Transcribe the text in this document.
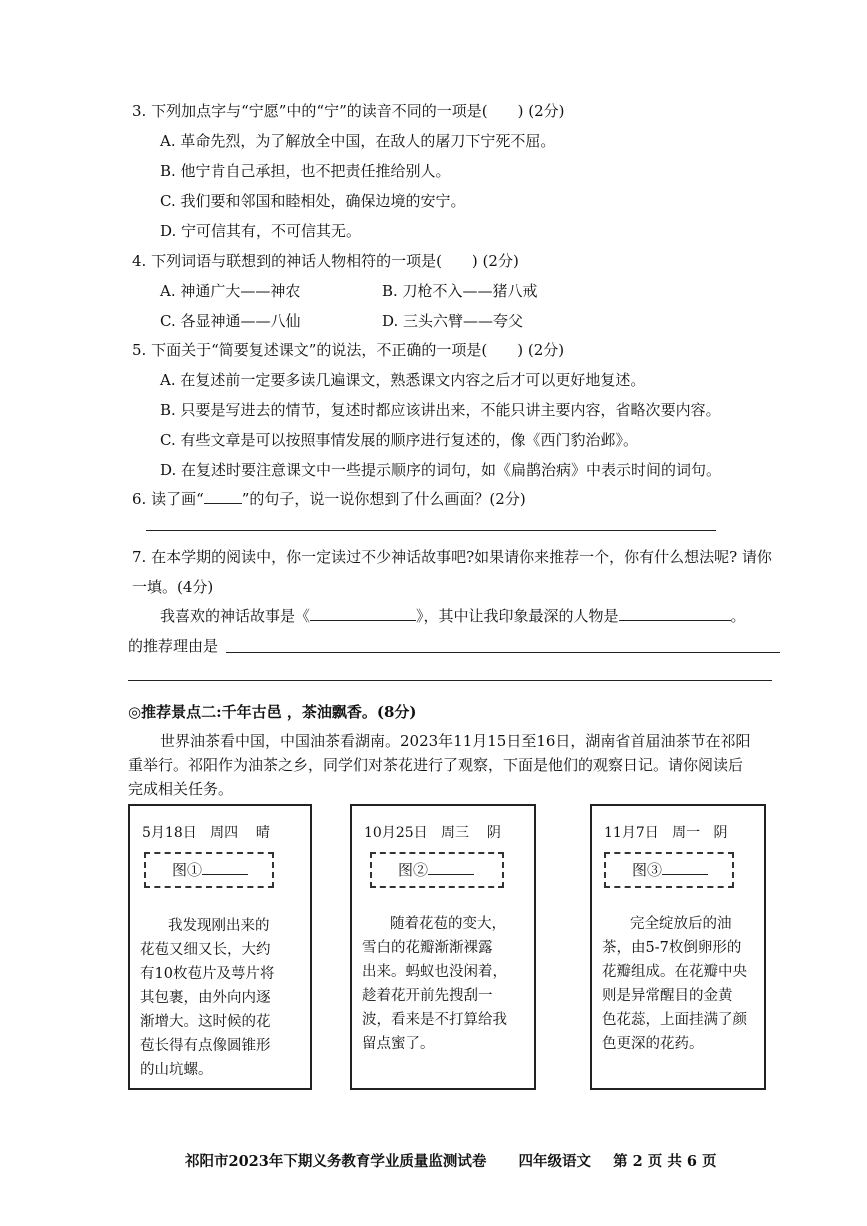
3. 下列加点字与“宁愿”中的“宁”的读音不同的一项是(　　) (2分)
A. 革命先烈，为了解放全中国，在敌人的屠刀下宁死不屈。
B. 他宁肯自己承担，也不把责任推给别人。
C. 我们要和邻国和睦相处，确保边境的安宁。
D. 宁可信其有，不可信其无。
4. 下列词语与联想到的神话人物相符的一项是(　　) (2分)
A. 神通广大——神农	B. 刀枪不入——猪八戒
C. 各显神通——八仙	D. 三头六臂——夸父
5. 下面关于“简要复述课文”的说法，不正确的一项是(　　) (2分)
A. 在复述前一定要多读几遍课文，熟悉课文内容之后才可以更好地复述。
B. 只要是写进去的情节，复述时都应该讲出来，不能只讲主要内容，省略次要内容。
C. 有些文章是可以按照事情发展的顺序进行复述的，像《西门豹治邺》。
D. 在复述时要注意课文中一些提示顺序的词句，如《扁鹊治病》中表示时间的词句。
6. 读了画“	”的句子，说一说你想到了什么画面？(2分)
7. 在本学期的阅读中，你一定读过不少神话故事吧?如果请你来推荐一个，你有什么想法呢? 请你
一填。(4分)
我喜欢的神话故事是《	》，其中让我印象最深的人物是	。
的推荐理由是
◎推荐景点二:千年古邑 ，茶油飘香。(8分)
世界油茶看中国，中国油茶看湖南。2023年11月15日至16日，湖南省首届油茶节在祁阳
重举行。祁阳作为油茶之乡，同学们对茶花进行了观察，下面是他们的观察日记。请你阅读后
完成相关任务。
5月18日 周四 晴
图①
我发现刚出来的
花苞又细又长，大约
有10枚苞片及萼片将
其包裹，由外向内逐
渐增大。这时候的花
苞长得有点像圆锥形
的山坑螺。
10月25日 周三 阴
图②
随着花苞的变大，
雪白的花瓣渐渐裸露
出来。蚂蚁也没闲着，
趁着花开前先搜刮一
波，看来是不打算给我
留点蜜了。
11月7日 周一 阴
图③
完全绽放后的油
茶，由5-7枚倒卵形的
花瓣组成。在花瓣中央
则是异常醒目的金黄
色花蕊，上面挂满了颜
色更深的花药。
祁阳市2023年下期义务教育学业质量监测试卷 四年级语文 第 2 页 共 6 页
